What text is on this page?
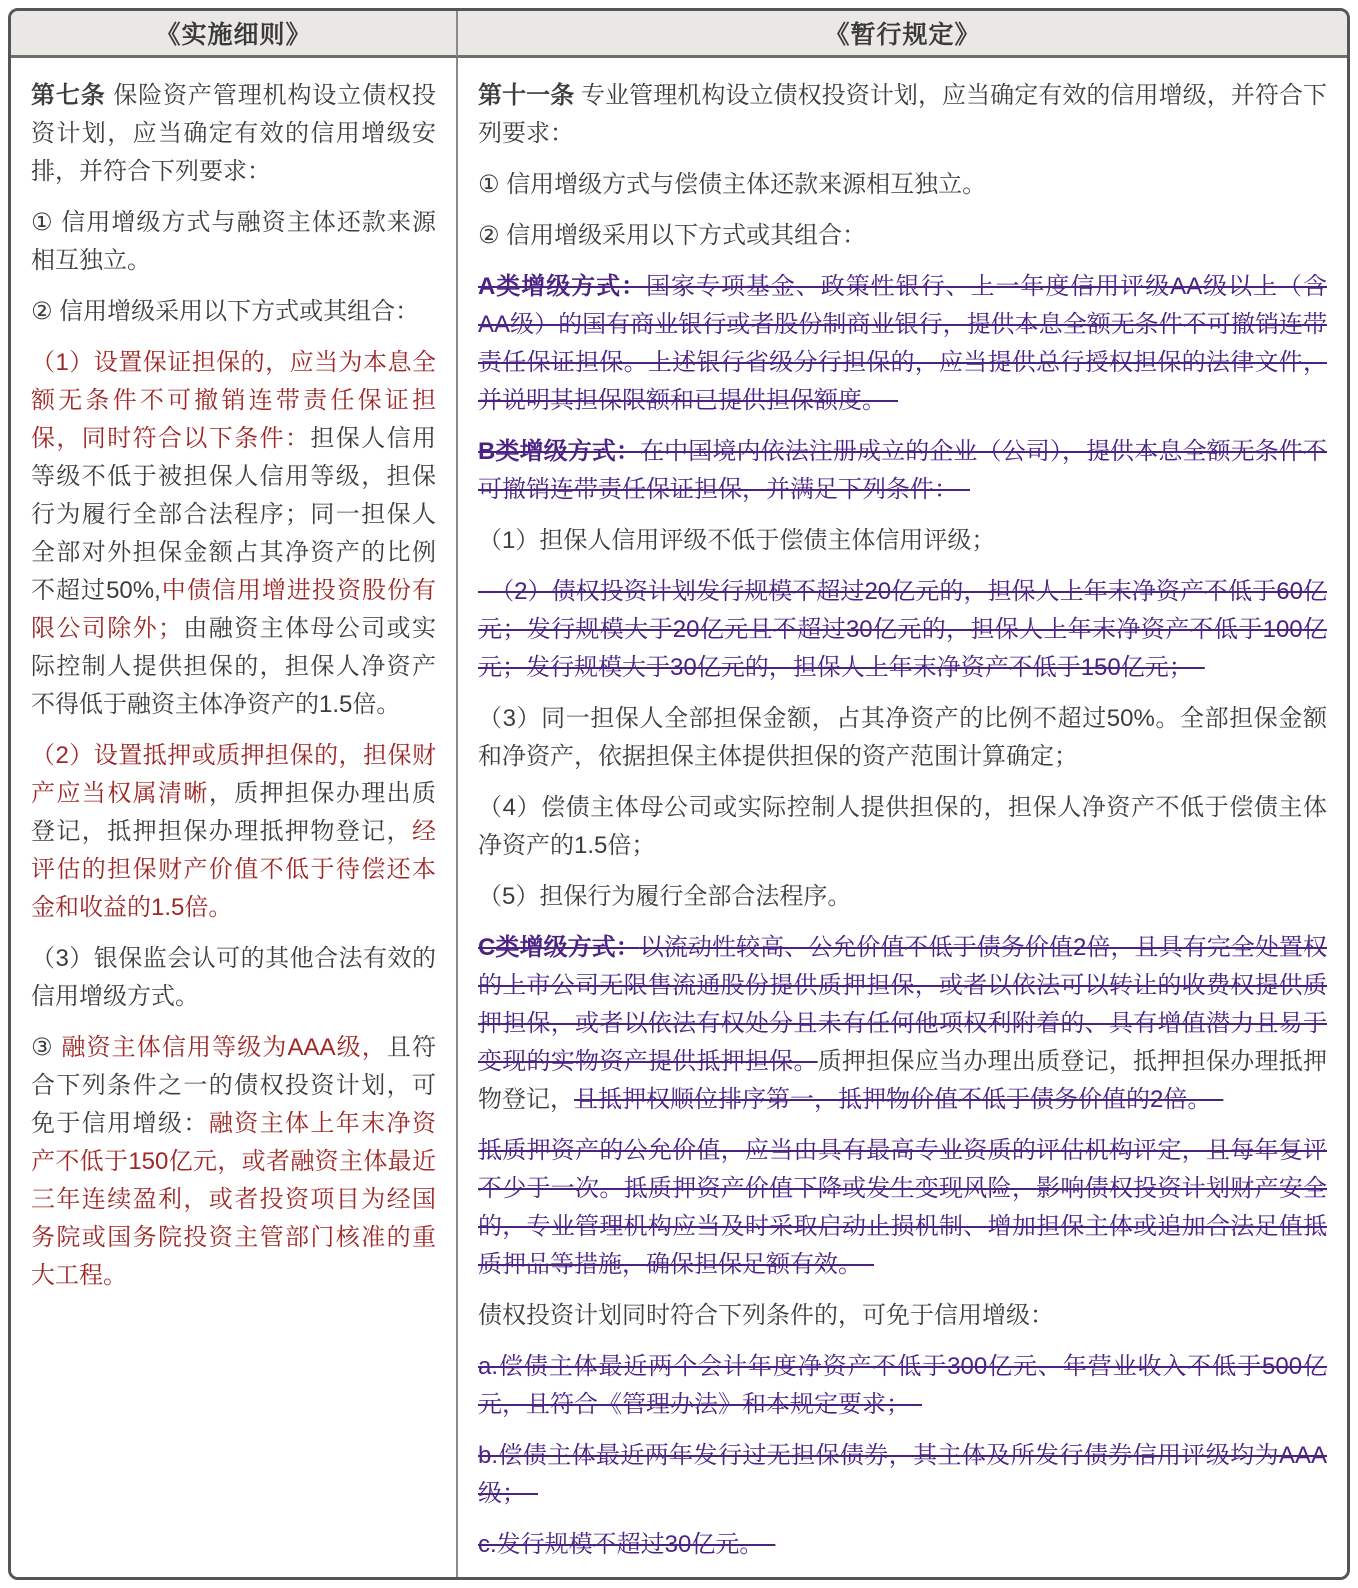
《实施细则》	《暂行规定》

第七条 保险资产管理机构设立债权投资计划，应当确定有效的信用增级安排，并符合下列要求：

① 信用增级方式与融资主体还款来源相互独立。

② 信用增级采用以下方式或其组合：

（1）设置保证担保的，应当为本息全额无条件不可撤销连带责任保证担保，同时符合以下条件：担保人信用等级不低于被担保人信用等级，担保行为履行全部合法程序；同一担保人全部对外担保金额占其净资产的比例不超过50%,中债信用增进投资股份有限公司除外；由融资主体母公司或实际控制人提供担保的，担保人净资产不得低于融资主体净资产的1.5倍。

（2）设置抵押或质押担保的，担保财产应当权属清晰，质押担保办理出质登记，抵押担保办理抵押物登记，经评估的担保财产价值不低于待偿还本金和收益的1.5倍。

（3）银保监会认可的其他合法有效的信用增级方式。

③ 融资主体信用等级为AAA级，且符合下列条件之一的债权投资计划，可免于信用增级：融资主体上年末净资产不低于150亿元，或者融资主体最近三年连续盈利，或者投资项目为经国务院或国务院投资主管部门核准的重大工程。

第十一条 专业管理机构设立债权投资计划，应当确定有效的信用增级，并符合下列要求：

① 信用增级方式与偿债主体还款来源相互独立。

② 信用增级采用以下方式或其组合：

A类增级方式：国家专项基金、政策性银行、上一年度信用评级AA级以上（含AA级）的国有商业银行或者股份制商业银行，提供本息全额无条件不可撤销连带责任保证担保。上述银行省级分行担保的，应当提供总行授权担保的法律文件，并说明其担保限额和已提供担保额度。　

B类增级方式：在中国境内依法注册成立的企业（公司），提供本息全额无条件不可撤销连带责任保证担保，并满足下列条件：　

（1）担保人信用评级不低于偿债主体信用评级；

　（2）债权投资计划发行规模不超过20亿元的，担保人上年末净资产不低于60亿元；发行规模大于20亿元且不超过30亿元的，担保人上年末净资产不低于100亿元；发行规模大于30亿元的，担保人上年末净资产不低于150亿元；　

（3）同一担保人全部担保金额，占其净资产的比例不超过50%。全部担保金额和净资产，依据担保主体提供担保的资产范围计算确定；

（4）偿债主体母公司或实际控制人提供担保的，担保人净资产不低于偿债主体净资产的1.5倍；

（5）担保行为履行全部合法程序。

C类增级方式：以流动性较高、公允价值不低于债务价值2倍，且具有完全处置权的上市公司无限售流通股份提供质押担保，或者以依法可以转让的收费权提供质押担保，或者以依法有权处分且未有任何他项权利附着的、具有增值潜力且易于变现的实物资产提供抵押担保。质押担保应当办理出质登记，抵押担保办理抵押物登记，且抵押权顺位排序第一，抵押物价值不低于债务价值的2倍。　

抵质押资产的公允价值，应当由具有最高专业资质的评估机构评定，且每年复评不少于一次。抵质押资产价值下降或发生变现风险，影响债权投资计划财产安全的，专业管理机构应当及时采取启动止损机制、增加担保主体或追加合法足值抵质押品等措施，确保担保足额有效。　

债权投资计划同时符合下列条件的，可免于信用增级：

a.偿债主体最近两个会计年度净资产不低于300亿元、年营业收入不低于500亿元，且符合《管理办法》和本规定要求；　

b.偿债主体最近两年发行过无担保债券，其主体及所发行债券信用评级均为AAA级；　

c.发行规模不超过30亿元。　
